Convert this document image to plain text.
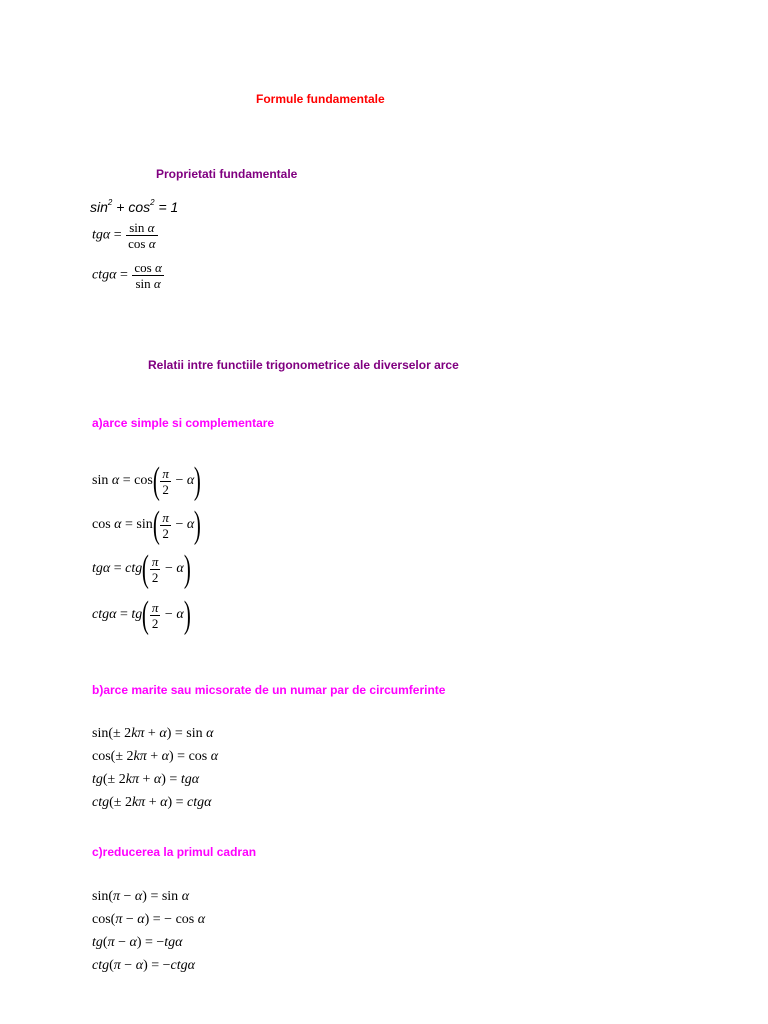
Formule fundamentale
Proprietati fundamentale
$\sin^2 + \cos^2 = 1$
$tg\alpha = \frac{\text{sin α}}{\text{cos α}}$
$ctg\alpha = \frac{\text{cos α}}{\text{sin α}}$
Relatii intre functiile trigonometrice ale diverselor arce
a)arce simple si complementare
$\sin \alpha = \cos( \frac{\pi}{2} - \alpha)$
$\cos \alpha = \sin( \frac{\pi}{2} - \alpha)$
$tg\alpha = ctg( \frac{\pi}{2} - \alpha)$
$ctg\alpha = tg( \frac{\pi}{2} - \alpha)$
b)arce marite sau micsorate de un numar par de circumferinte
sin(± 2kπ + α) = sin α
cos(± 2kπ + α) = cos α
tg(± 2kπ + α) = tgα
ctg(± 2kπ + α) = ctgα
c)reducerea la primul cadran
sin(π − α) = sin α
cos(π − α) = − cos α
tg(π − α) = −tgα
ctg(π − α) = −ctgα
